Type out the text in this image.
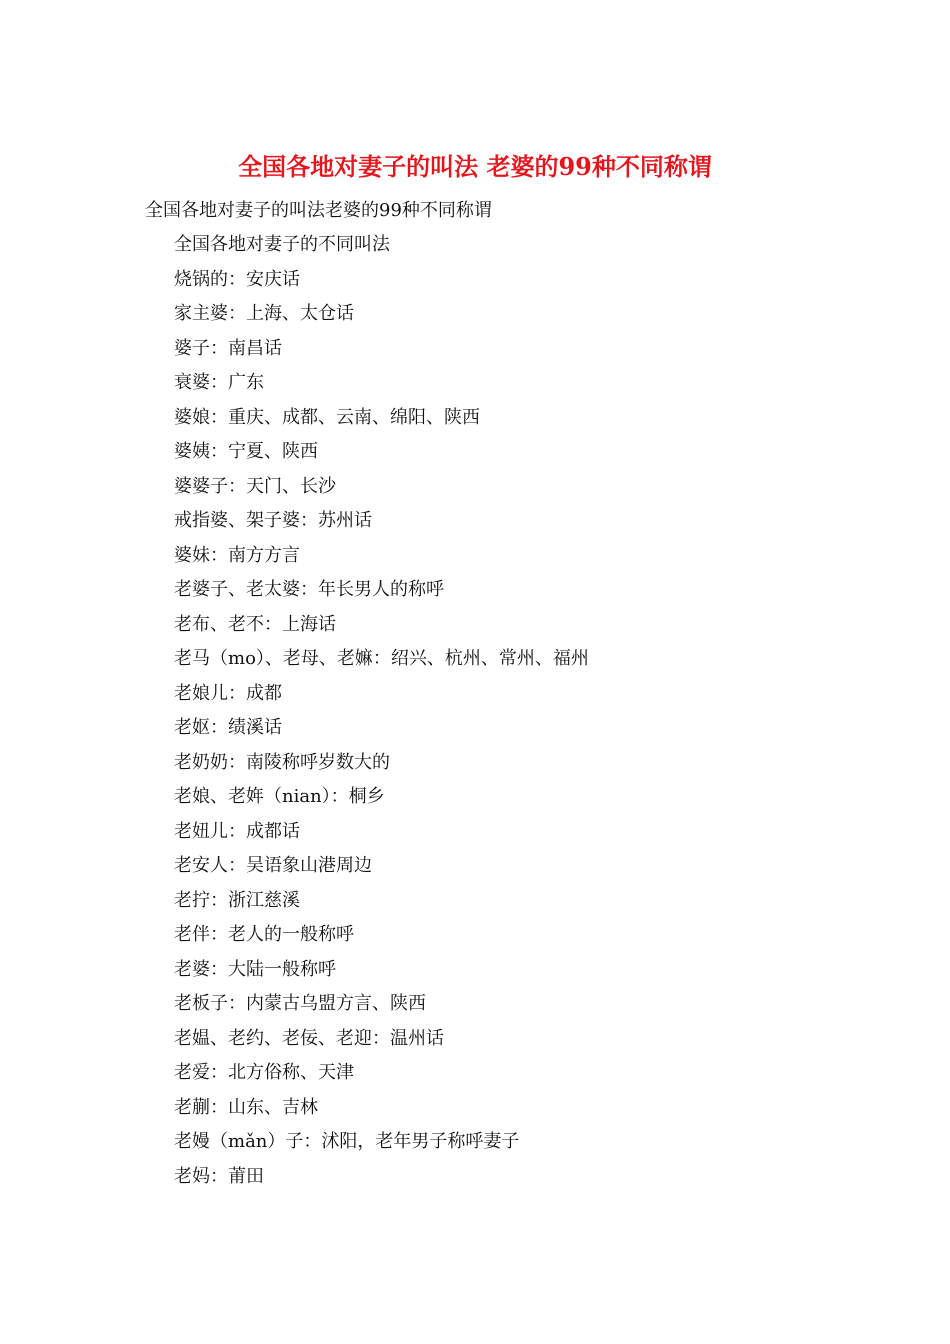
全国各地对妻子的叫法 老婆的99种不同称谓
全国各地对妻子的叫法老婆的99种不同称谓
全国各地对妻子的不同叫法
烧锅的：安庆话
家主婆：上海、太仓话
婆子：南昌话
衰婆：广东
婆娘：重庆、成都、云南、绵阳、陕西
婆姨：宁夏、陕西
婆婆子：天门、长沙
戒指婆、架子婆：苏州话
婆妹：南方方言
老婆子、老太婆：年长男人的称呼
老布、老不：上海话
老马（mo）、老母、老嫲：绍兴、杭州、常州、福州
老娘儿：成都
老妪：绩溪话
老奶奶：南陵称呼岁数大的
老娘、老姩（nian）：桐乡
老妞儿：成都话
老安人：吴语象山港周边
老拧：浙江慈溪
老伴：老人的一般称呼
老婆：大陆一般称呼
老板子：内蒙古乌盟方言、陕西
老媪、老约、老佞、老迎：温州话
老爱：北方俗称、天津
老蒯：山东、吉林
老嫚（mǎn）子：沭阳，老年男子称呼妻子
老妈：莆田
